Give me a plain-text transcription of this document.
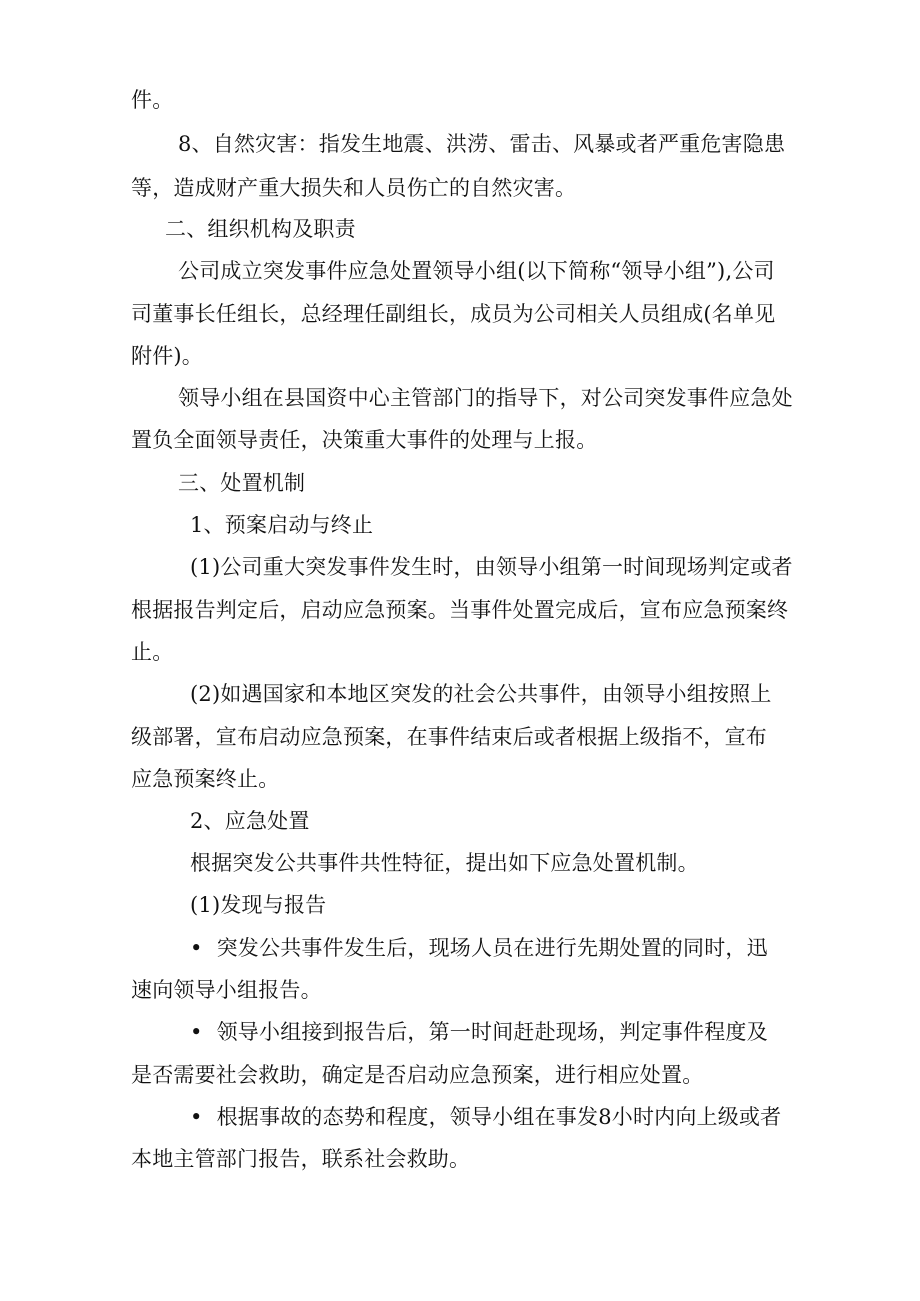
件。
8、自然灾害：指发生地震、洪涝、雷击、风暴或者严重危害隐患
等，造成财产重大损失和人员伤亡的自然灾害。
二、组织机构及职责
公司成立突发事件应急处置领导小组(以下简称“领导小组”),公司
司董事长任组长，总经理任副组长，成员为公司相关人员组成(名单见
附件)。
领导小组在县国资中心主管部门的指导下，对公司突发事件应急处
置负全面领导责任，决策重大事件的处理与上报。
三、处置机制
1、预案启动与终止
(1)公司重大突发事件发生时，由领导小组第一时间现场判定或者
根据报告判定后，启动应急预案。当事件处置完成后，宣布应急预案终
止。
(2)如遇国家和本地区突发的社会公共事件，由领导小组按照上
级部署，宣布启动应急预案，在事件结束后或者根据上级指不，宣布
应急预案终止。
2、应急处置
根据突发公共事件共性特征，提出如下应急处置机制。
(1)发现与报告
• 突发公共事件发生后，现场人员在进行先期处置的同时，迅
速向领导小组报告。
• 领导小组接到报告后，第一时间赶赴现场，判定事件程度及
是否需要社会救助，确定是否启动应急预案，进行相应处置。
• 根据事故的态势和程度，领导小组在事发8小时内向上级或者
本地主管部门报告，联系社会救助。
